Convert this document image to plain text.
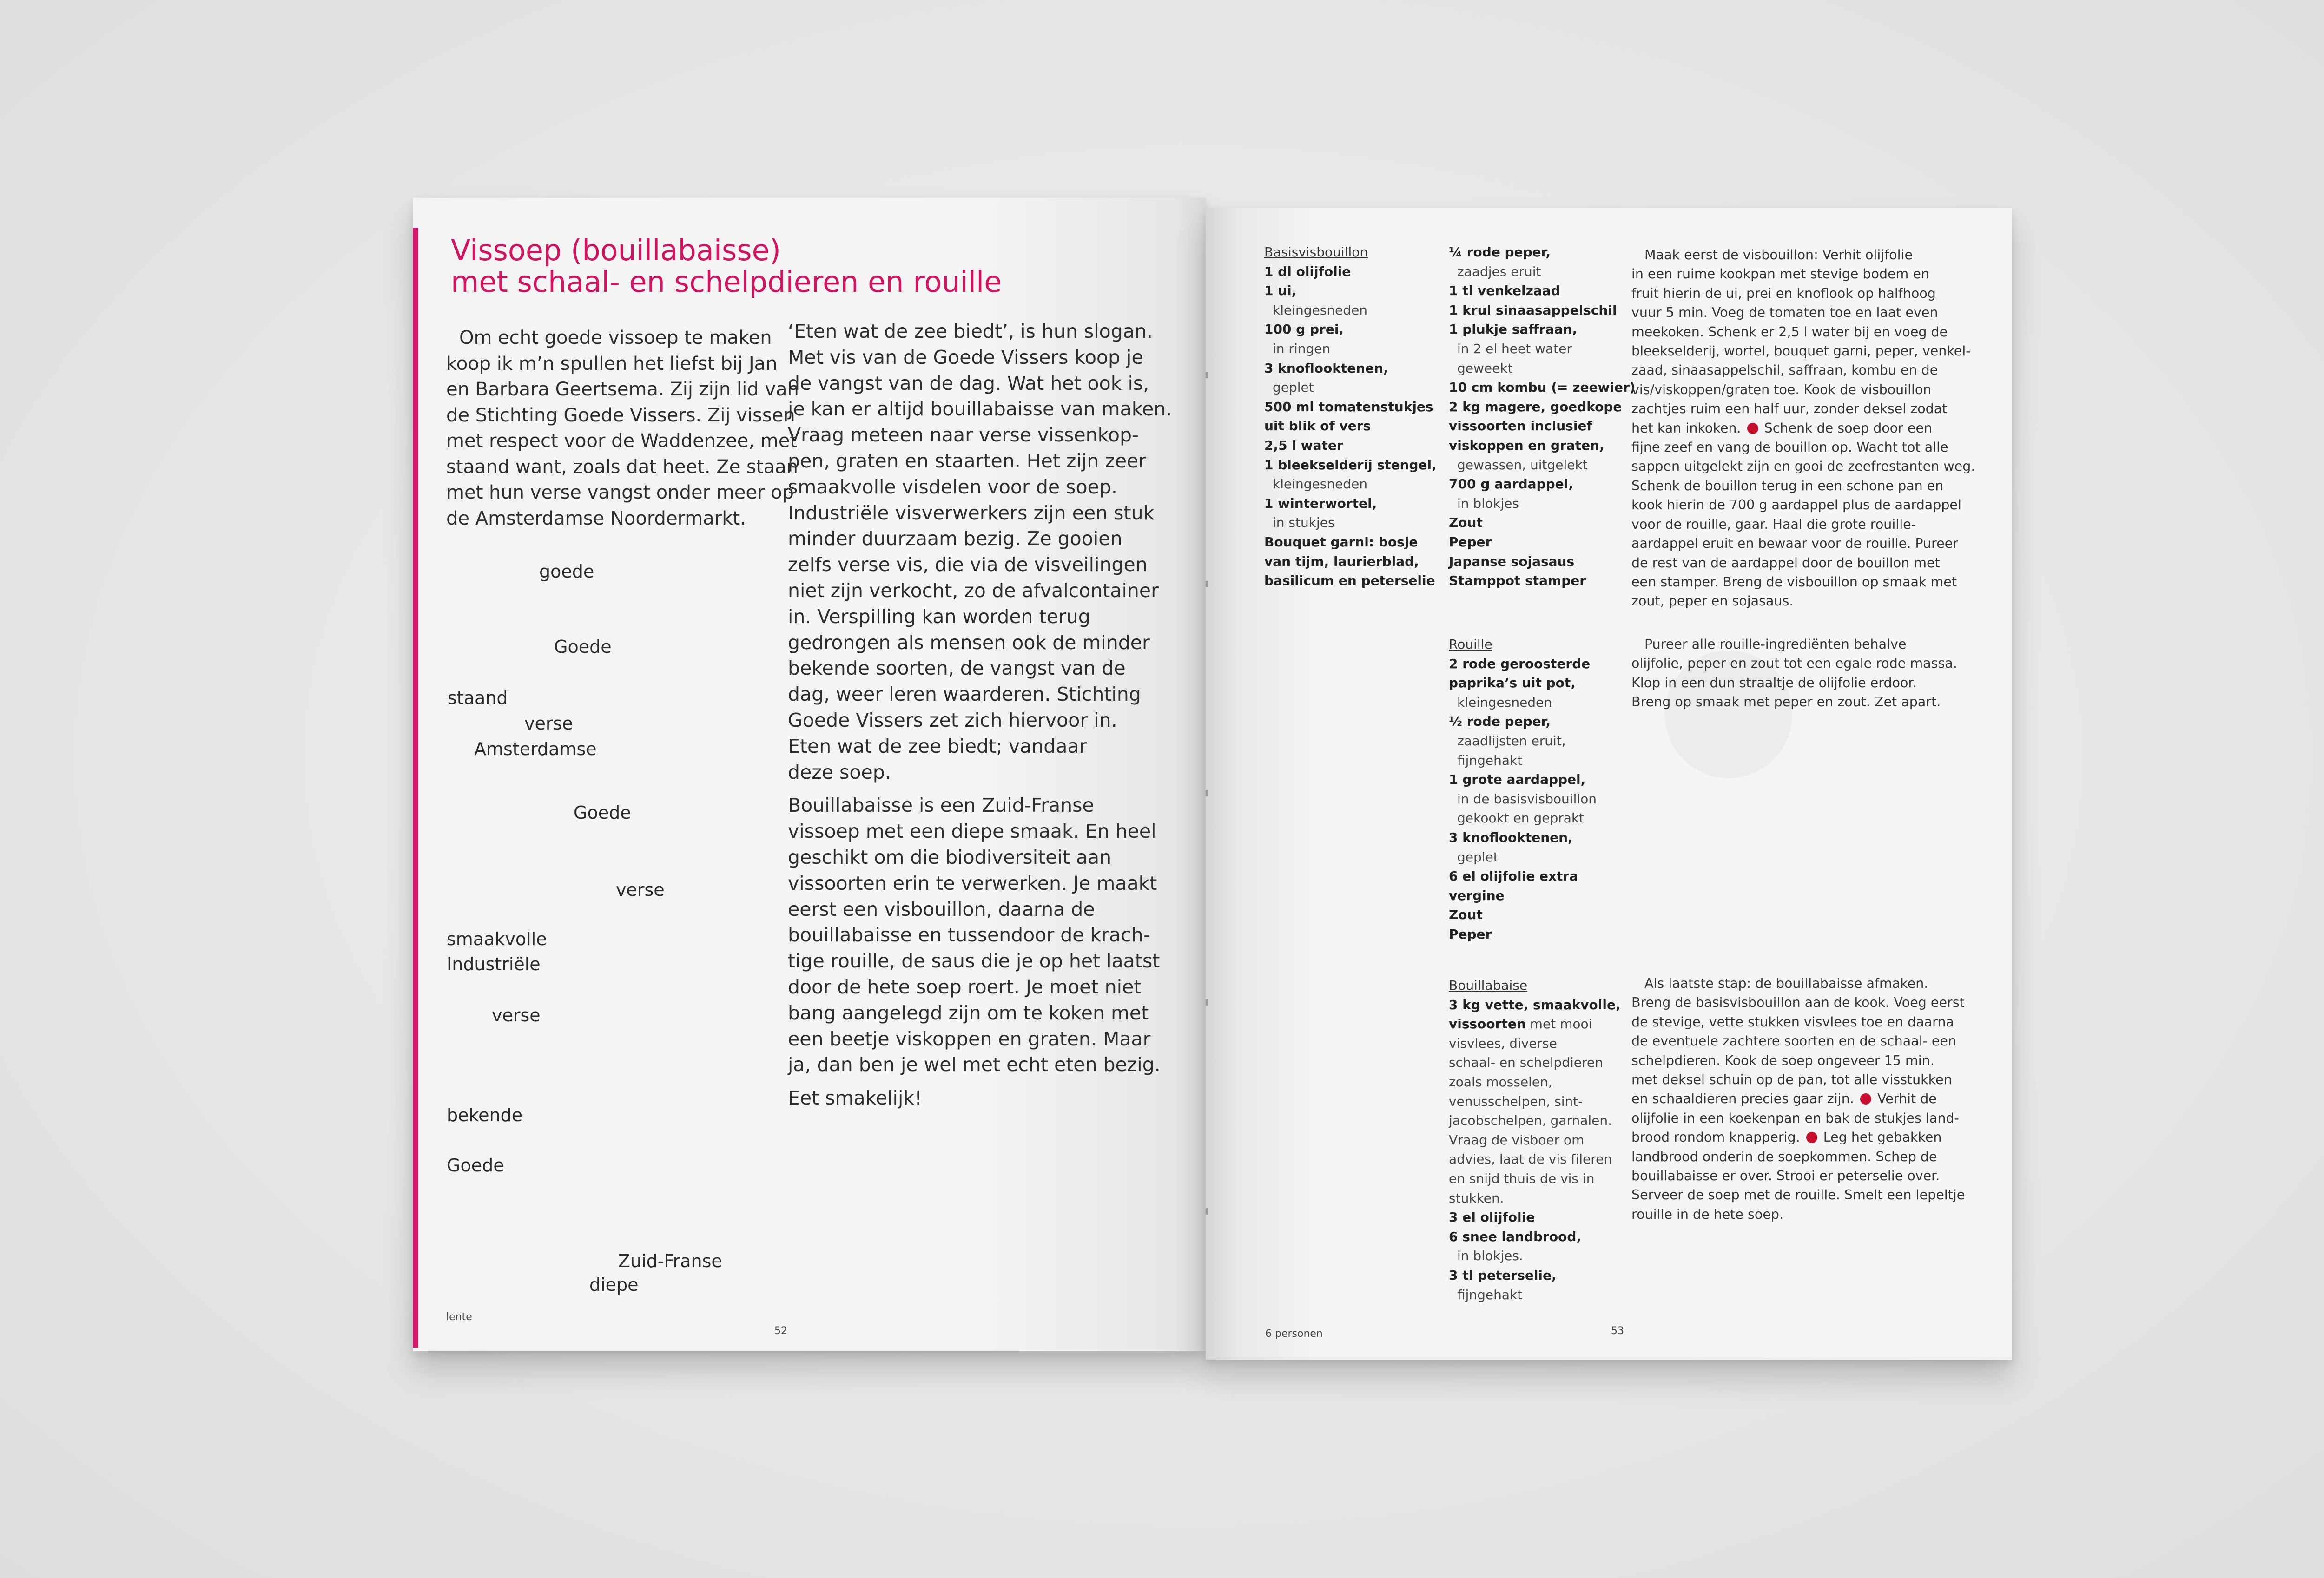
Vissoep (bouillabaisse)
met schaal- en schelpdieren en rouille
Om echt goede vissoep te maken
koop ik m’n spullen het liefst bij Jan
en Barbara Geertsema. Zij zijn lid van
de Stichting Goede Vissers. Zij vissen
met respect voor de Waddenzee, met
staand want, zoals dat heet. Ze staan
met hun verse vangst onder meer op
de Amsterdamse Noordermarkt.
goede
Goede
staand
verse
Amsterdamse
Goede
verse
smaakvolle
Industriële
verse
bekende
Goede
Zuid-Franse
diepe
‘Eten wat de zee biedt’, is hun slogan.
Met vis van de Goede Vissers koop je
de vangst van de dag. Wat het ook is,
je kan er altijd bouillabaisse van maken.
Vraag meteen naar verse vissenkop-
pen, graten en staarten. Het zijn zeer
smaakvolle visdelen voor de soep.
Industriële visverwerkers zijn een stuk
minder duurzaam bezig. Ze gooien
zelfs verse vis, die via de visveilingen
niet zijn verkocht, zo de afvalcontainer
in. Verspilling kan worden terug
gedrongen als mensen ook de minder
bekende soorten, de vangst van de
dag, weer leren waarderen. Stichting
Goede Vissers zet zich hiervoor in.
Eten wat de zee biedt; vandaar
deze soep.
Bouillabaisse is een Zuid-Franse
vissoep met een diepe smaak. En heel
geschikt om die biodiversiteit aan
vissoorten erin te verwerken. Je maakt
eerst een visbouillon, daarna de
bouillabaisse en tussendoor de krach-
tige rouille, de saus die je op het laatst
door de hete soep roert. Je moet niet
bang aangelegd zijn om te koken met
een beetje viskoppen en graten. Maar
ja, dan ben je wel met echt eten bezig.
Eet smakelijk!
lente
52
Basisvisbouillon
1 dl olijfolie
1 ui,
kleingesneden
100 g prei,
in ringen
3 knoflooktenen,
geplet
500 ml tomatenstukjes
uit blik of vers
2,5 l water
1 bleekselderij stengel,
kleingesneden
1 winterwortel,
in stukjes
Bouquet garni: bosje
van tijm, laurierblad,
basilicum en peterselie
¼ rode peper,
zaadjes eruit
1 tl venkelzaad
1 krul sinaasappelschil
1 plukje saffraan,
in 2 el heet water
geweekt
10 cm kombu (= zeewier)
2 kg magere, goedkope
vissoorten inclusief
viskoppen en graten,
gewassen, uitgelekt
700 g aardappel,
in blokjes
Zout
Peper
Japanse sojasaus
Stamppot stamper
Maak eerst de visbouillon: Verhit olijfolie
in een ruime kookpan met stevige bodem en
fruit hierin de ui, prei en knoflook op halfhoog
vuur 5 min. Voeg de tomaten toe en laat even
meekoken. Schenk er 2,5 l water bij en voeg de
bleekselderij, wortel, bouquet garni, peper, venkel-
zaad, sinaasappelschil, saffraan, kombu en de
vis/viskoppen/graten toe. Kook de visbouillon
zachtjes ruim een half uur, zonder deksel zodat
het kan inkoken.  Schenk de soep door een
fijne zeef en vang de bouillon op. Wacht tot alle
sappen uitgelekt zijn en gooi de zeefrestanten weg.
Schenk de bouillon terug in een schone pan en
kook hierin de 700 g aardappel plus de aardappel
voor de rouille, gaar. Haal die grote rouille-
aardappel eruit en bewaar voor de rouille. Pureer
de rest van de aardappel door de bouillon met
een stamper. Breng de visbouillon op smaak met
zout, peper en sojasaus.
Rouille
2 rode geroosterde
paprika’s uit pot,
kleingesneden
½ rode peper,
zaadlijsten eruit,
fijngehakt
1 grote aardappel,
in de basisvisbouillon
gekookt en geprakt
3 knoflooktenen,
geplet
6 el olijfolie extra
vergine
Zout
Peper
Pureer alle rouille-ingrediënten behalve
olijfolie, peper en zout tot een egale rode massa.
Klop in een dun straaltje de olijfolie erdoor.
Breng op smaak met peper en zout. Zet apart.
Bouillabaise
3 kg vette, smaakvolle,
vissoorten met mooi
visvlees, diverse
schaal- en schelpdieren
zoals mosselen,
venusschelpen, sint-
jacobschelpen, garnalen.
Vraag de visboer om
advies, laat de vis fileren
en snijd thuis de vis in
stukken.
3 el olijfolie
6 snee landbrood,
in blokjes.
3 tl peterselie,
fijngehakt
Als laatste stap: de bouillabaisse afmaken.
Breng de basisvisbouillon aan de kook. Voeg eerst
de stevige, vette stukken visvlees toe en daarna
de eventuele zachtere soorten en de schaal- een
schelpdieren. Kook de soep ongeveer 15 min.
met deksel schuin op de pan, tot alle visstukken
en schaaldieren precies gaar zijn.  Verhit de
olijfolie in een koekenpan en bak de stukjes land-
brood rondom knapperig.  Leg het gebakken
landbrood onderin de soepkommen. Schep de
bouillabaisse er over. Strooi er peterselie over.
Serveer de soep met de rouille. Smelt een lepeltje
rouille in de hete soep.
6 personen	53
